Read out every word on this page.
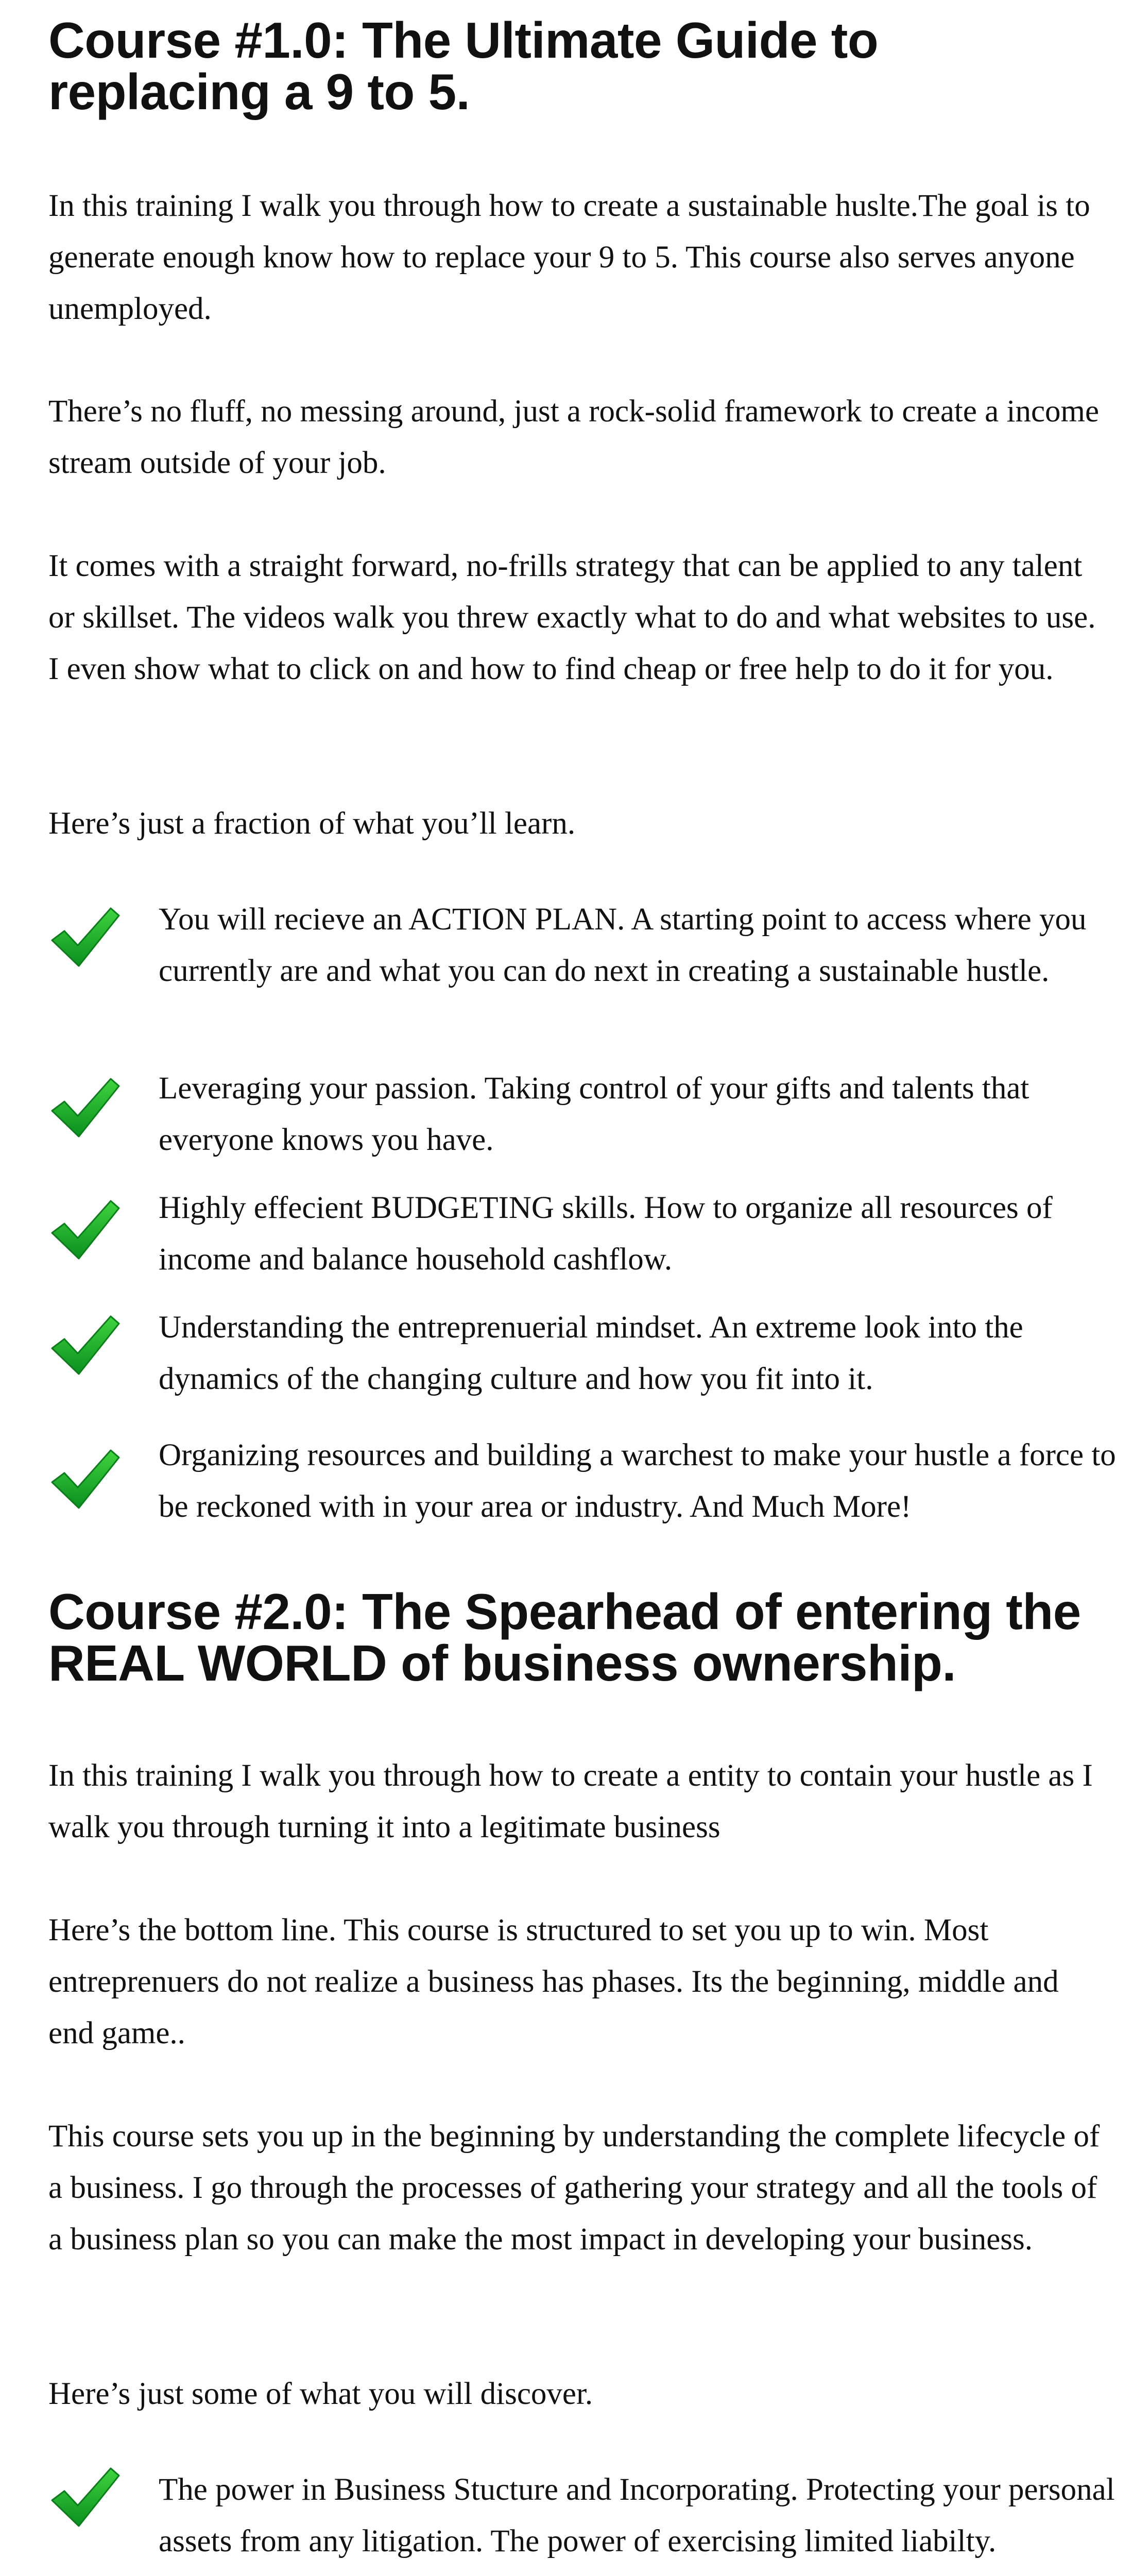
Course #1.0: The Ultimate Guide to replacing a 9 to 5.

In this training I walk you through how to create a sustainable huslte.The goal is to generate enough know how to replace your 9 to 5. This course also serves anyone unemployed.

There’s no fluff, no messing around, just a rock-solid framework to create a income stream outside of your job.

It comes with a straight forward, no-frills strategy that can be applied to any talent or skillset. The videos walk you threw exactly what to do and what websites to use. I even show what to click on and how to find cheap or free help to do it for you.

Here’s just a fraction of what you’ll learn.

You will recieve an ACTION PLAN. A starting point to access where you currently are and what you can do next in creating a sustainable hustle.

Leveraging your passion. Taking control of your gifts and talents that everyone knows you have.

Highly effecient BUDGETING skills. How to organize all resources of income and balance household cashflow.

Understanding the entreprenuerial mindset. An extreme look into the dynamics of the changing culture and how you fit into it.

Organizing resources and building a warchest to make your hustle a force to be reckoned with in your area or industry. And Much More!

Course #2.0: The Spearhead of entering the REAL WORLD of business ownership.

In this training I walk you through how to create a entity to contain your hustle as I walk you through turning it into a legitimate business

Here’s the bottom line. This course is structured to set you up to win. Most entreprenuers do not realize a business has phases. Its the beginning, middle and end game..

This course sets you up in the beginning by understanding the complete lifecycle of a business. I go through the processes of gathering your strategy and all the tools of a business plan so you can make the most impact in developing your business.

Here’s just some of what you will discover.

The power in Business Stucture and Incorporating. Protecting your personal assets from any litigation. The power of exercising limited liabilty.
